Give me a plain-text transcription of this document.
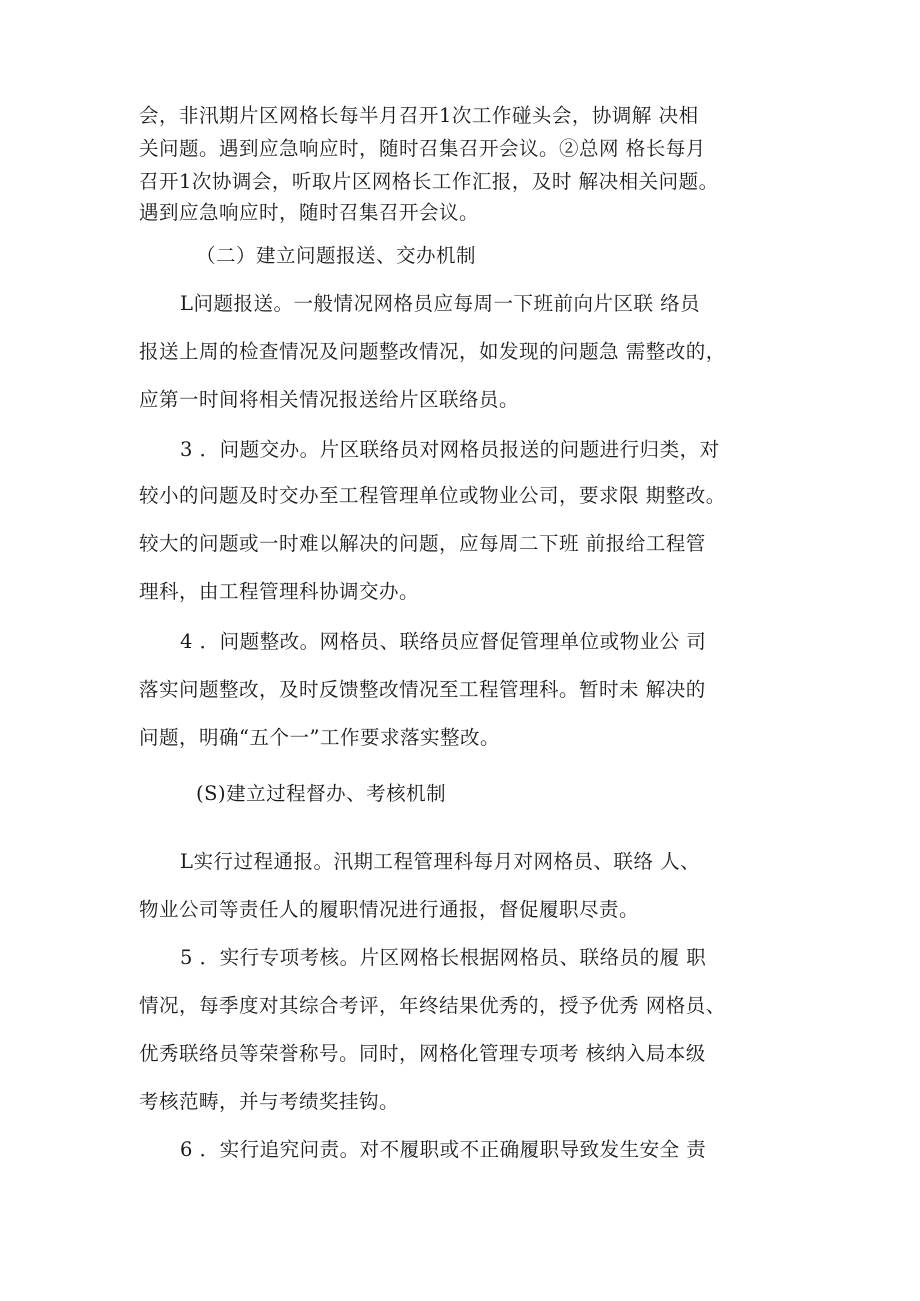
会，非汛期片区网格长每半月召开1次工作碰头会，协调解 决相
关问题。遇到应急响应时，随时召集召开会议。②总网 格长每月
召开1次协调会，听取片区网格长工作汇报，及时 解决相关问题。
遇到应急响应时，随时召集召开会议。
（二）建立问题报送、交办机制
L问题报送。一般情况网格员应每周一下班前向片区联 络员
报送上周的检查情况及问题整改情况，如发现的问题急 需整改的，
应第一时间将相关情况报送给片区联络员。
3 ．问题交办。片区联络员对网格员报送的问题进行归类，对
较小的问题及时交办至工程管理单位或物业公司，要求限 期整改。
较大的问题或一时难以解决的问题，应每周二下班 前报给工程管
理科，由工程管理科协调交办。
4 ．问题整改。网格员、联络员应督促管理单位或物业公 司
落实问题整改，及时反馈整改情况至工程管理科。暂时未 解决的
问题，明确“五个一”工作要求落实整改。
(S)建立过程督办、考核机制
L实行过程通报。汛期工程管理科每月对网格员、联络 人、
物业公司等责任人的履职情况进行通报，督促履职尽责。
5 ．实行专项考核。片区网格长根据网格员、联络员的履 职
情况，每季度对其综合考评，年终结果优秀的，授予优秀 网格员、
优秀联络员等荣誉称号。同时，网格化管理专项考 核纳入局本级
考核范畴，并与考绩奖挂钩。
6 ．实行追究问责。对不履职或不正确履职导致发生安全 责
